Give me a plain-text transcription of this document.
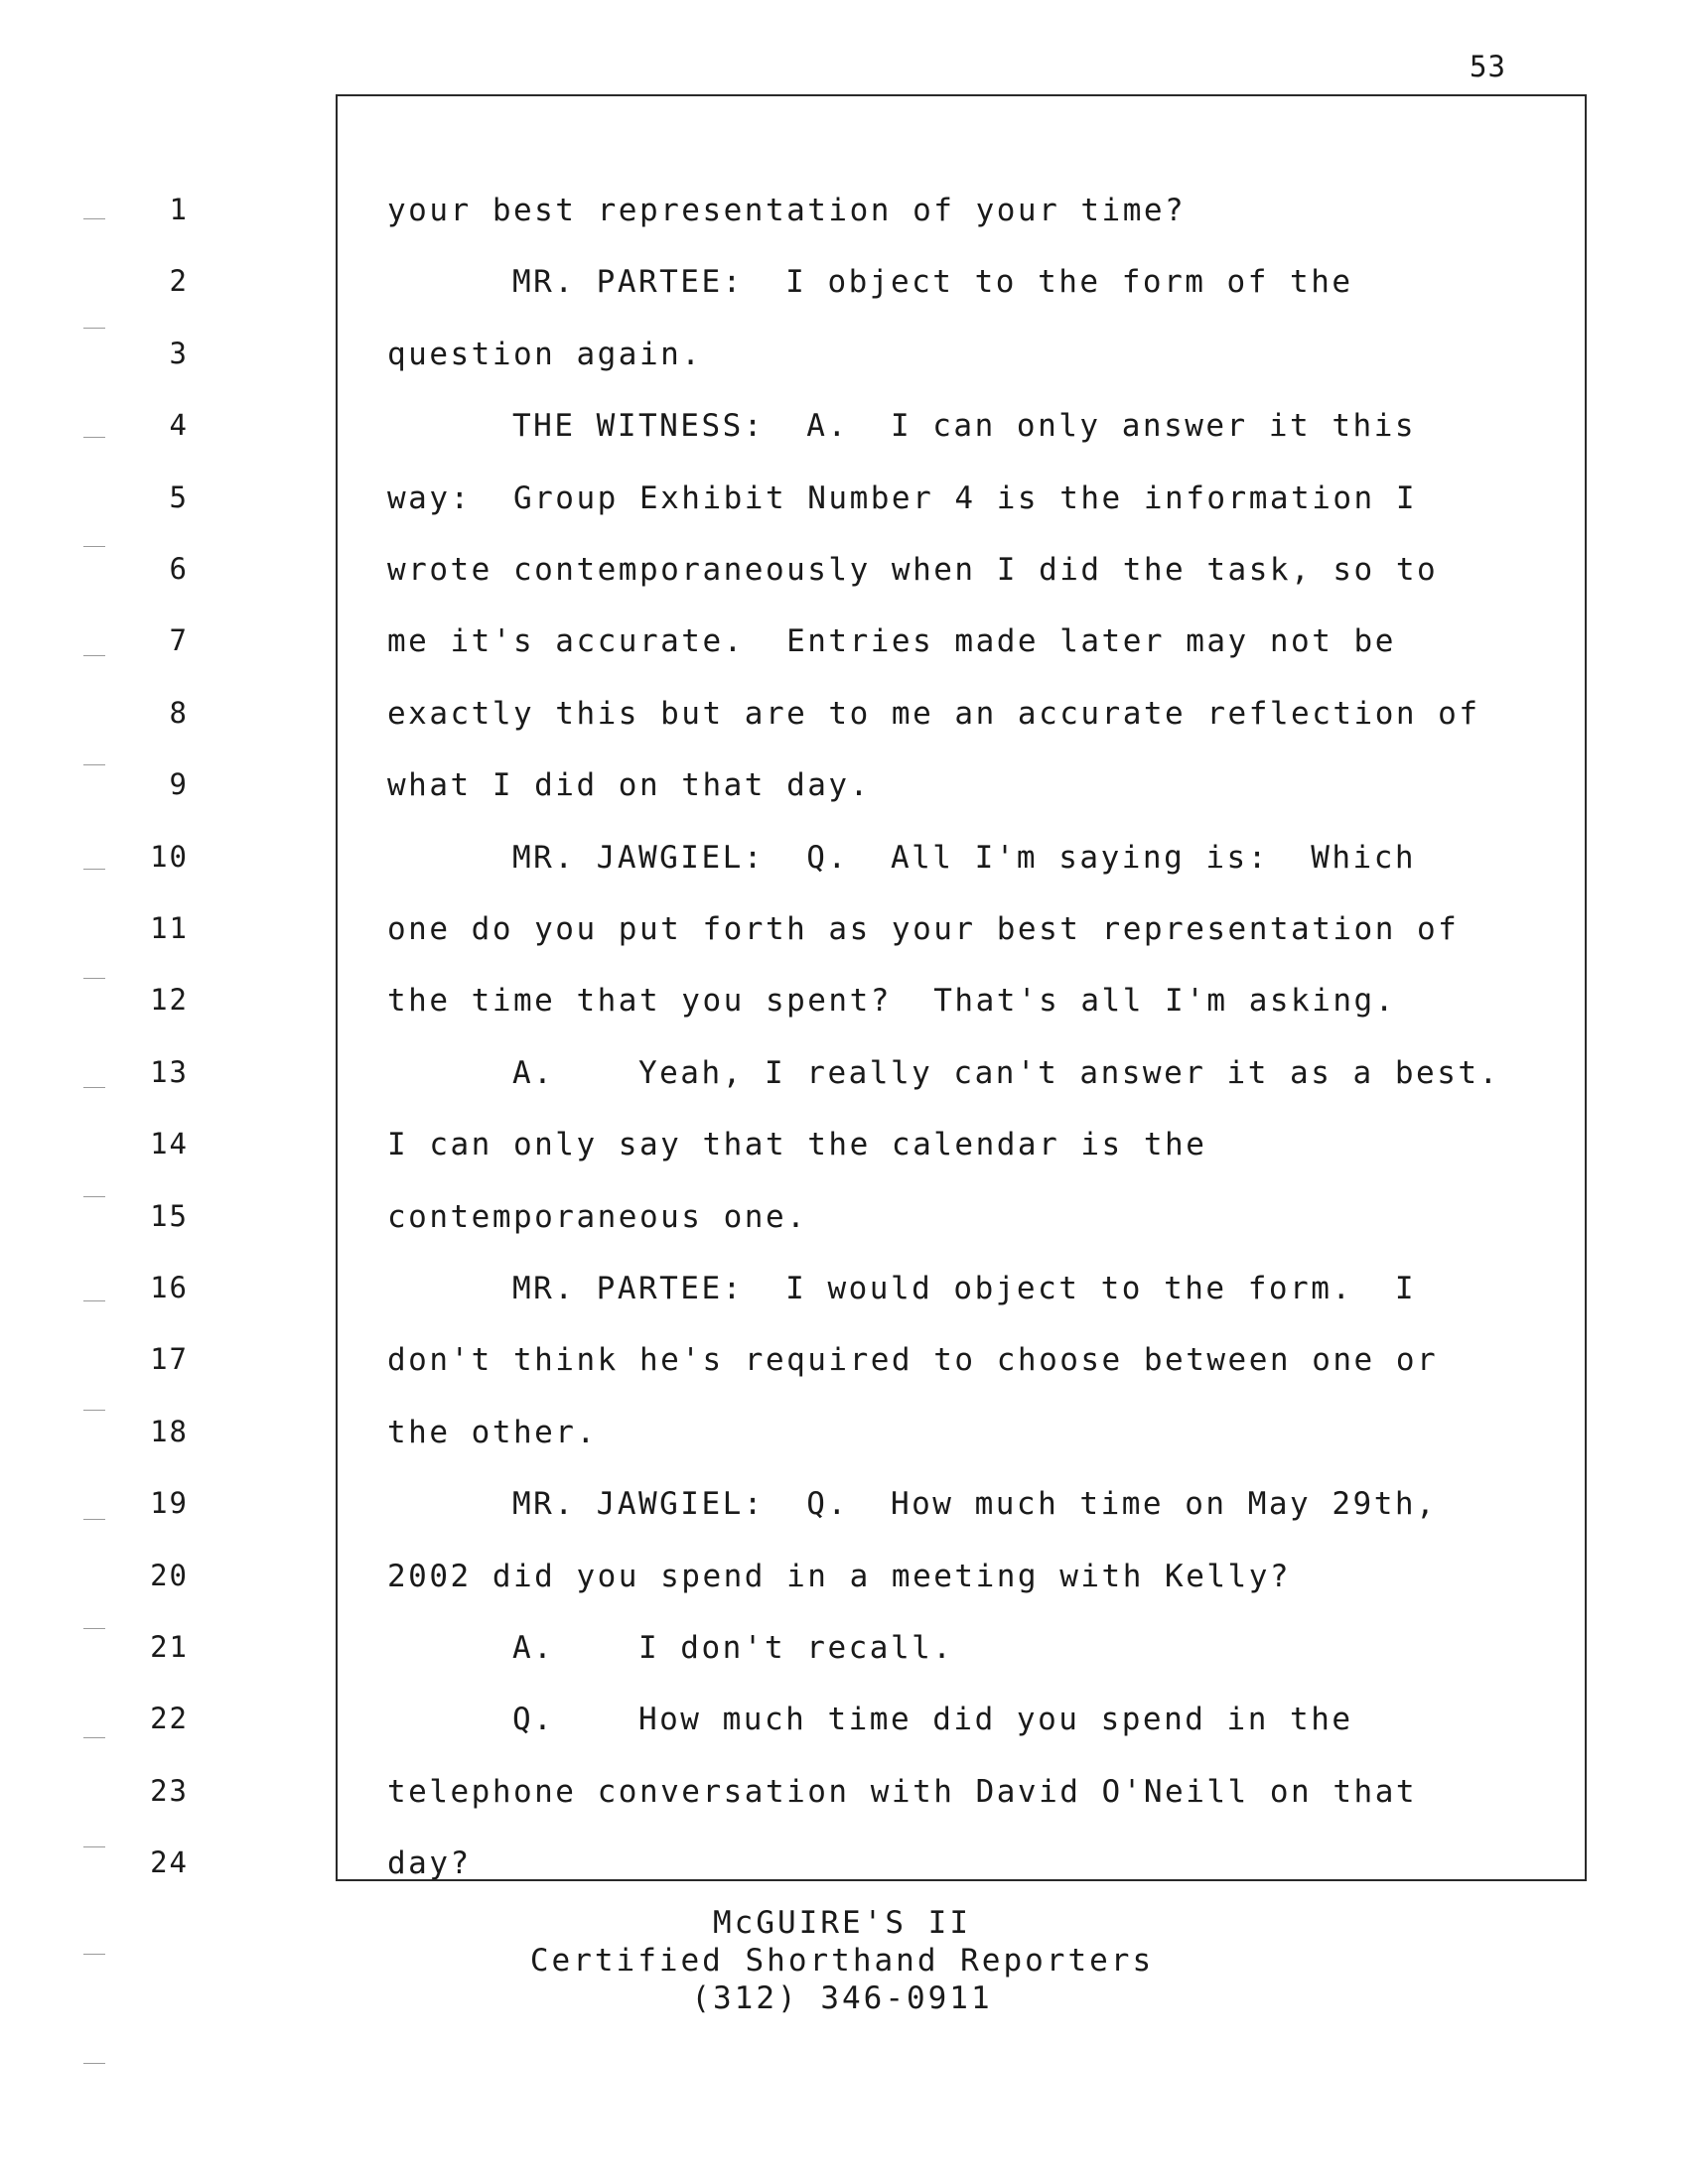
53
1	your best representation of your time?
2	MR. PARTEE:  I object to the form of the
3	question again.
4	THE WITNESS:  A.  I can only answer it this
5	way:  Group Exhibit Number 4 is the information I
6	wrote contemporaneously when I did the task, so to
7	me it's accurate.  Entries made later may not be
8	exactly this but are to me an accurate reflection of
9	what I did on that day.
10	MR. JAWGIEL:  Q.  All I'm saying is:  Which
11	one do you put forth as your best representation of
12	the time that you spent?  That's all I'm asking.
13	A.    Yeah, I really can't answer it as a best.
14	I can only say that the calendar is the
15	contemporaneous one.
16	MR. PARTEE:  I would object to the form.  I
17	don't think he's required to choose between one or
18	the other.
19	MR. JAWGIEL:  Q.  How much time on May 29th,
20	2002 did you spend in a meeting with Kelly?
21	A.    I don't recall.
22	Q.    How much time did you spend in the
23	telephone conversation with David O'Neill on that
24	day?
McGUIRE'S II
Certified Shorthand Reporters
(312) 346-0911
